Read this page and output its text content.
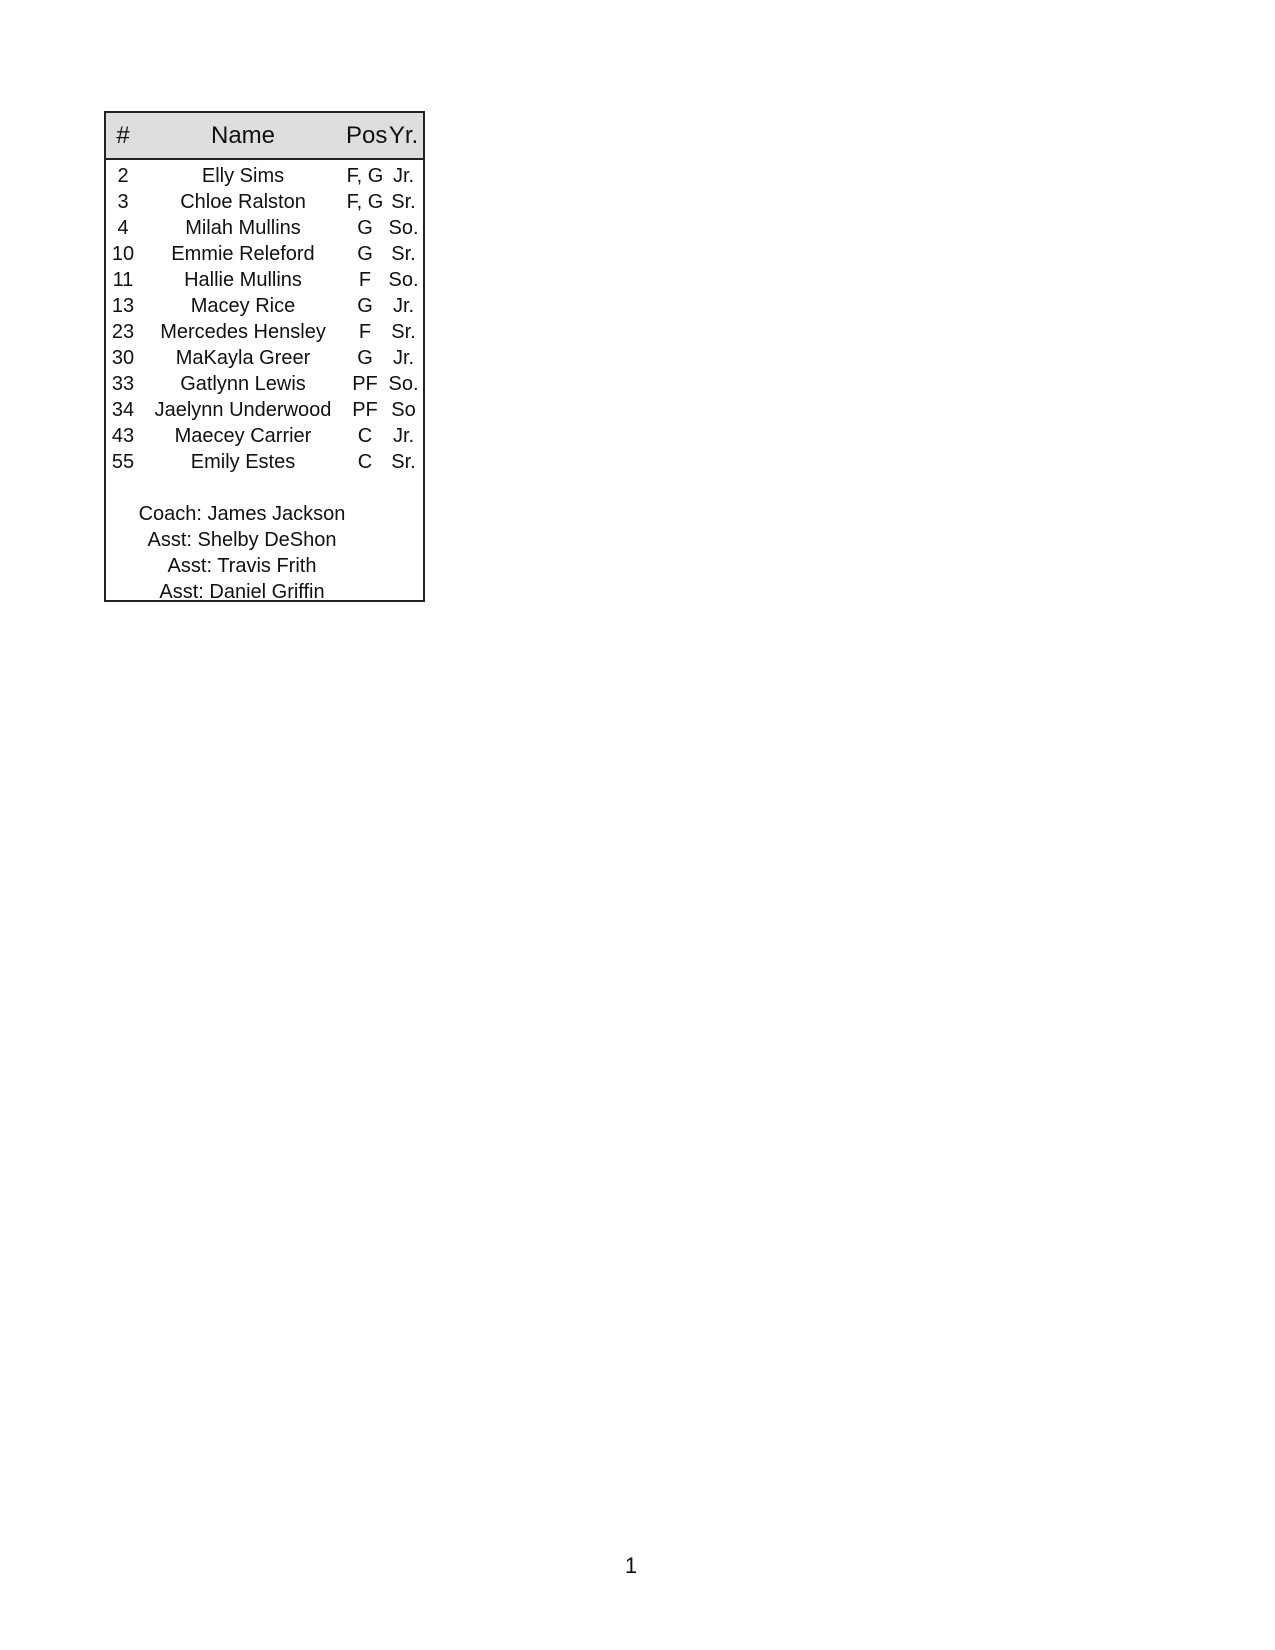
#	Name	Pos Yr.
2	Elly Sims	F, G Jr.
3	Chloe Ralston	F, G Sr.
4	Milah Mullins	G So.
10	Emmie Releford	G Sr.
11	Hallie Mullins	F So.
13	Macey Rice	G	Jr.
23	Mercedes Hensley	F	Sr.
30	MaKayla Greer	G	Jr.
33	Gatlynn Lewis	PF So.
34	Jaelynn Underwood	PF So
43	Maecey Carrier	C	Jr.
55	Emily Estes	C Sr.
Coach: James Jackson
Asst: Shelby DeShon
Asst: Travis Frith
Asst: Daniel Griffin
1
